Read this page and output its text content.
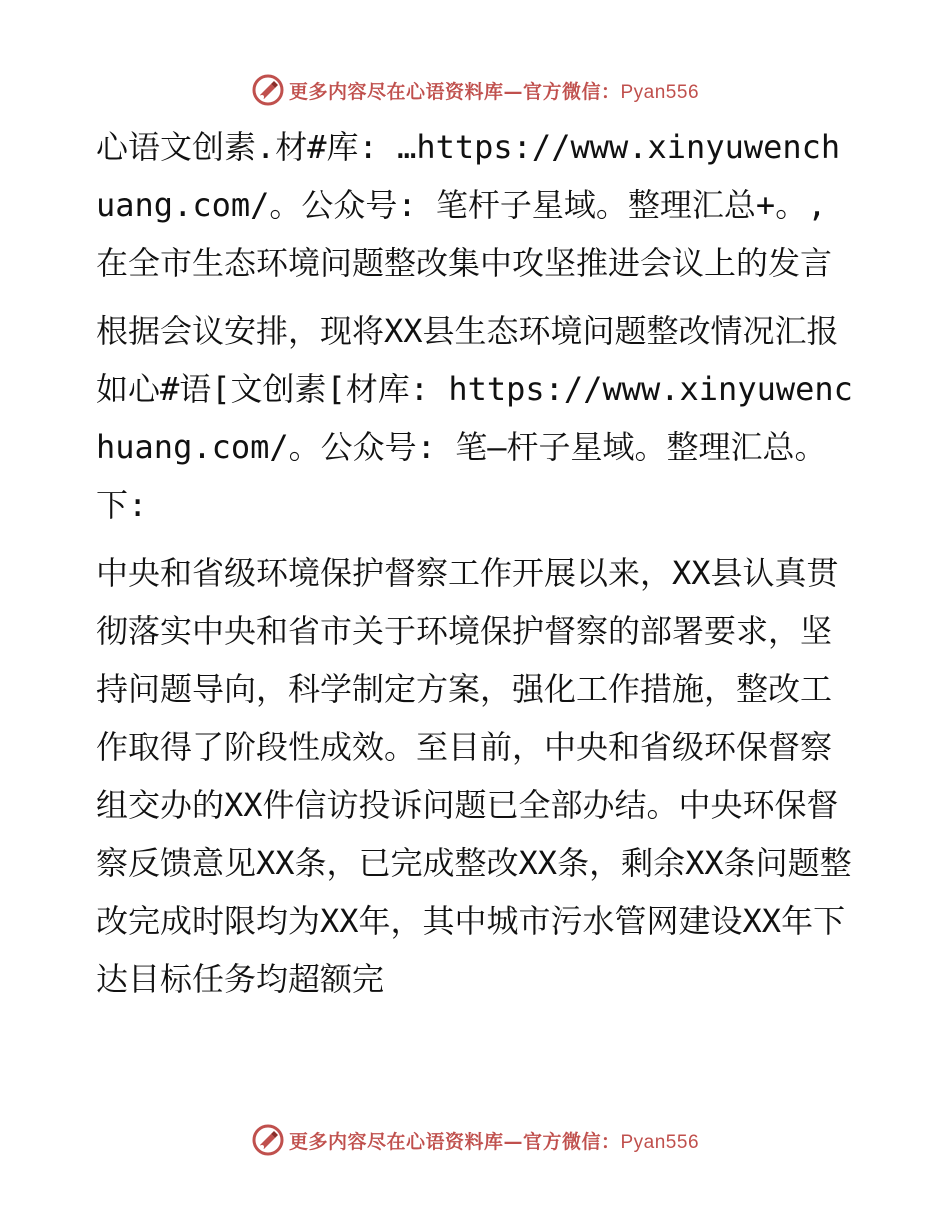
更多内容尽在心语资料库—官方微信：Pyan556

心语文创素.材#库: …https://www.xinyuwenchuang.com/。公众号: 笔杆子星域。整理汇总+。,在全市生态环境问题整改集中攻坚推进会议上的发言

根据会议安排，现将XX县生态环境问题整改情况汇报如心#语[文创素[材库: https://www.xinyuwenchuang.com/。公众号: 笔—杆子星域。整理汇总。下:

中央和省级环境保护督察工作开展以来，XX县认真贯彻落实中央和省市关于环境保护督察的部署要求，坚持问题导向，科学制定方案，强化工作措施，整改工作取得了阶段性成效。至目前，中央和省级环保督察组交办的XX件信访投诉问题已全部办结。中央环保督察反馈意见XX条，已完成整改XX条，剩余XX条问题整改完成时限均为XX年，其中城市污水管网建设XX年下达目标任务均超额完

更多内容尽在心语资料库—官方微信：Pyan556
